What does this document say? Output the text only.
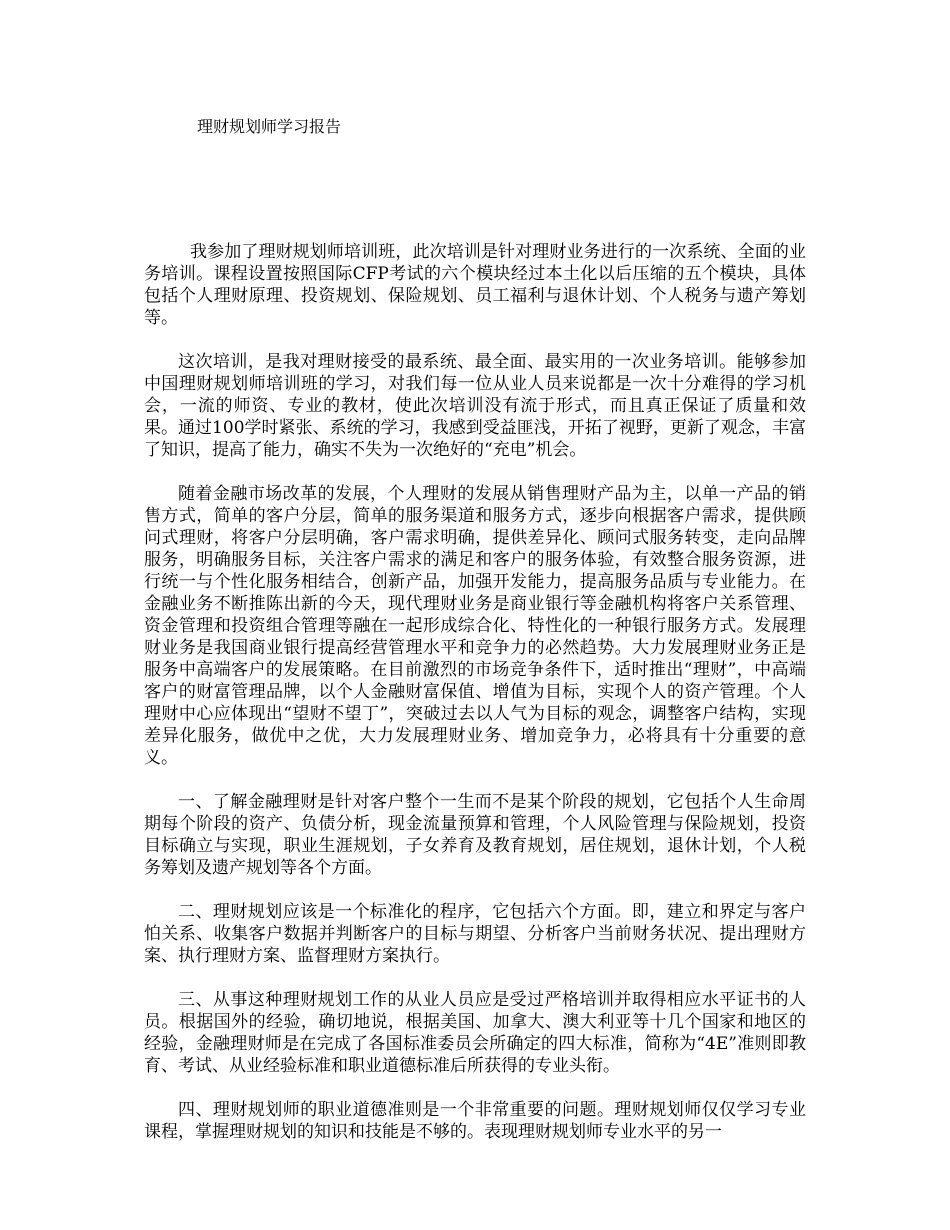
理财规划师学习报告

我参加了理财规划师培训班，此次培训是针对理财业务进行的一次系统、全面的业务培训。课程设置按照国际CFP考试的六个模块经过本土化以后压缩的五个模块，具体包括个人理财原理、投资规划、保险规划、员工福利与退休计划、个人税务与遗产筹划等。

这次培训，是我对理财接受的最系统、最全面、最实用的一次业务培训。能够参加中国理财规划师培训班的学习，对我们每一位从业人员来说都是一次十分难得的学习机会，一流的师资、专业的教材，使此次培训没有流于形式，而且真正保证了质量和效果。通过100学时紧张、系统的学习，我感到受益匪浅，开拓了视野，更新了观念，丰富了知识，提高了能力，确实不失为一次绝好的“充电”机会。

随着金融市场改革的发展，个人理财的发展从销售理财产品为主，以单一产品的销售方式，简单的客户分层，简单的服务渠道和服务方式，逐步向根据客户需求，提供顾问式理财，将客户分层明确，客户需求明确，提供差异化、顾问式服务转变，走向品牌服务，明确服务目标，关注客户需求的满足和客户的服务体验，有效整合服务资源，进行统一与个性化服务相结合，创新产品，加强开发能力，提高服务品质与专业能力。在金融业务不断推陈出新的今天，现代理财业务是商业银行等金融机构将客户关系管理、资金管理和投资组合管理等融在一起形成综合化、特性化的一种银行服务方式。发展理财业务是我国商业银行提高经营管理水平和竞争力的必然趋势。大力发展理财业务正是服务中高端客户的发展策略。在目前激烈的市场竞争条件下，适时推出“理财”，中高端客户的财富管理品牌，以个人金融财富保值、增值为目标，实现个人的资产管理。个人理财中心应体现出“望财不望丁”，突破过去以人气为目标的观念，调整客户结构，实现差异化服务，做优中之优，大力发展理财业务、增加竞争力，必将具有十分重要的意义。

一、了解金融理财是针对客户整个一生而不是某个阶段的规划，它包括个人生命周期每个阶段的资产、负债分析，现金流量预算和管理，个人风险管理与保险规划，投资目标确立与实现，职业生涯规划，子女养育及教育规划，居住规划，退休计划，个人税务筹划及遗产规划等各个方面。

二、理财规划应该是一个标准化的程序，它包括六个方面。即，建立和界定与客户怕关系、收集客户数据并判断客户的目标与期望、分析客户当前财务状况、提出理财方案、执行理财方案、监督理财方案执行。

三、从事这种理财规划工作的从业人员应是受过严格培训并取得相应水平证书的人员。根据国外的经验，确切地说，根据美国、加拿大、澳大利亚等十几个国家和地区的经验，金融理财师是在完成了各国标准委员会所确定的四大标准，简称为“4E”准则即教育、考试、从业经验标准和职业道德标准后所获得的专业头衔。

四、理财规划师的职业道德准则是一个非常重要的问题。理财规划师仅仅学习专业课程，掌握理财规划的知识和技能是不够的。表现理财规划师专业水平的另一
